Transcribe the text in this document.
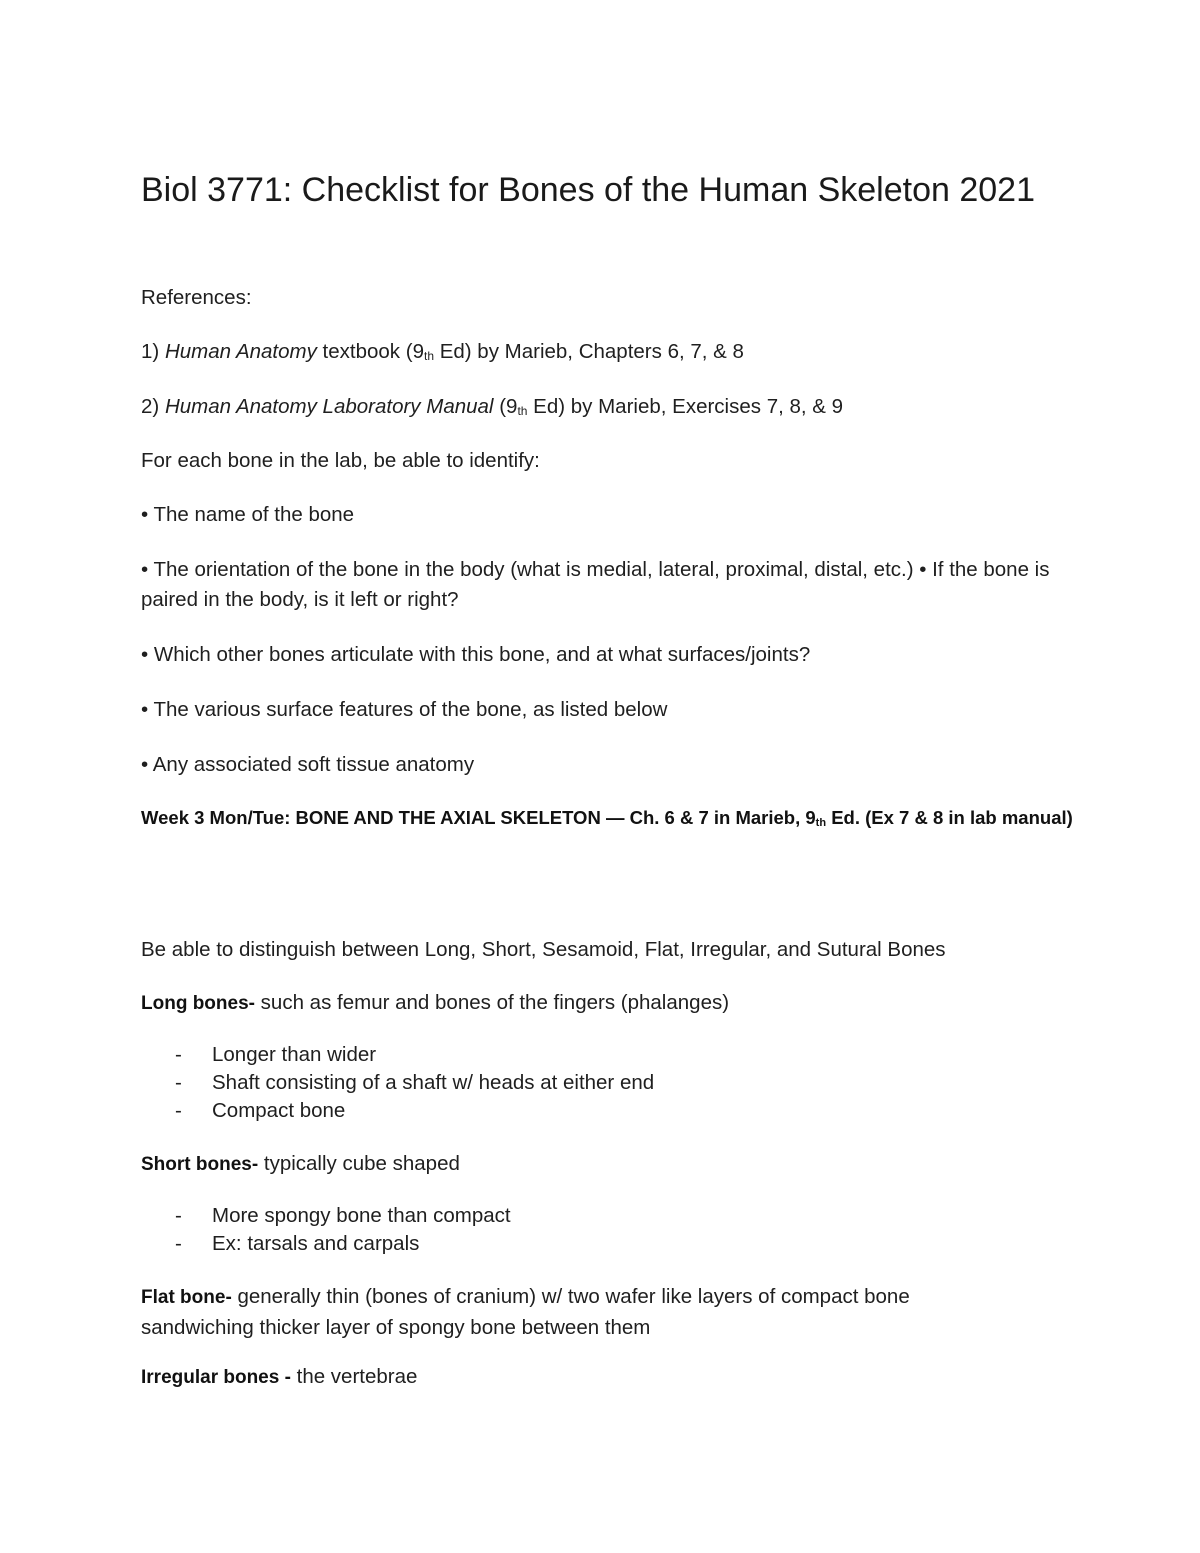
Biol 3771: Checklist for Bones of the Human Skeleton 2021

References:

1) Human Anatomy textbook ($9_{th}$ Ed) by Marieb, Chapters 6, 7, & 8

2) Human Anatomy Laboratory Manual ($9_{th}$ Ed) by Marieb, Exercises 7, 8, & 9

For each bone in the lab, be able to identify:

• The name of the bone

• The orientation of the bone in the body (what is medial, lateral, proximal, distal, etc.) • If the bone is paired in the body, is it left or right?

• Which other bones articulate with this bone, and at what surfaces/joints?

• The various surface features of the bone, as listed below

• Any associated soft tissue anatomy

Week 3 Mon/Tue: BONE AND THE AXIAL SKELETON — Ch. 6 & 7 in Marieb, $9_{th}$ Ed. (Ex 7 & 8 in lab manual)

Be able to distinguish between Long, Short, Sesamoid, Flat, Irregular, and Sutural Bones

Long bones- such as femur and bones of the fingers (phalanges)

- Longer than wider
- Shaft consisting of a shaft w/ heads at either end
- Compact bone

Short bones- typically cube shaped

- More spongy bone than compact
- Ex: tarsals and carpals

Flat bone- generally thin (bones of cranium) w/ two wafer like layers of compact bone sandwiching thicker layer of spongy bone between them

Irregular bones - the vertebrae
